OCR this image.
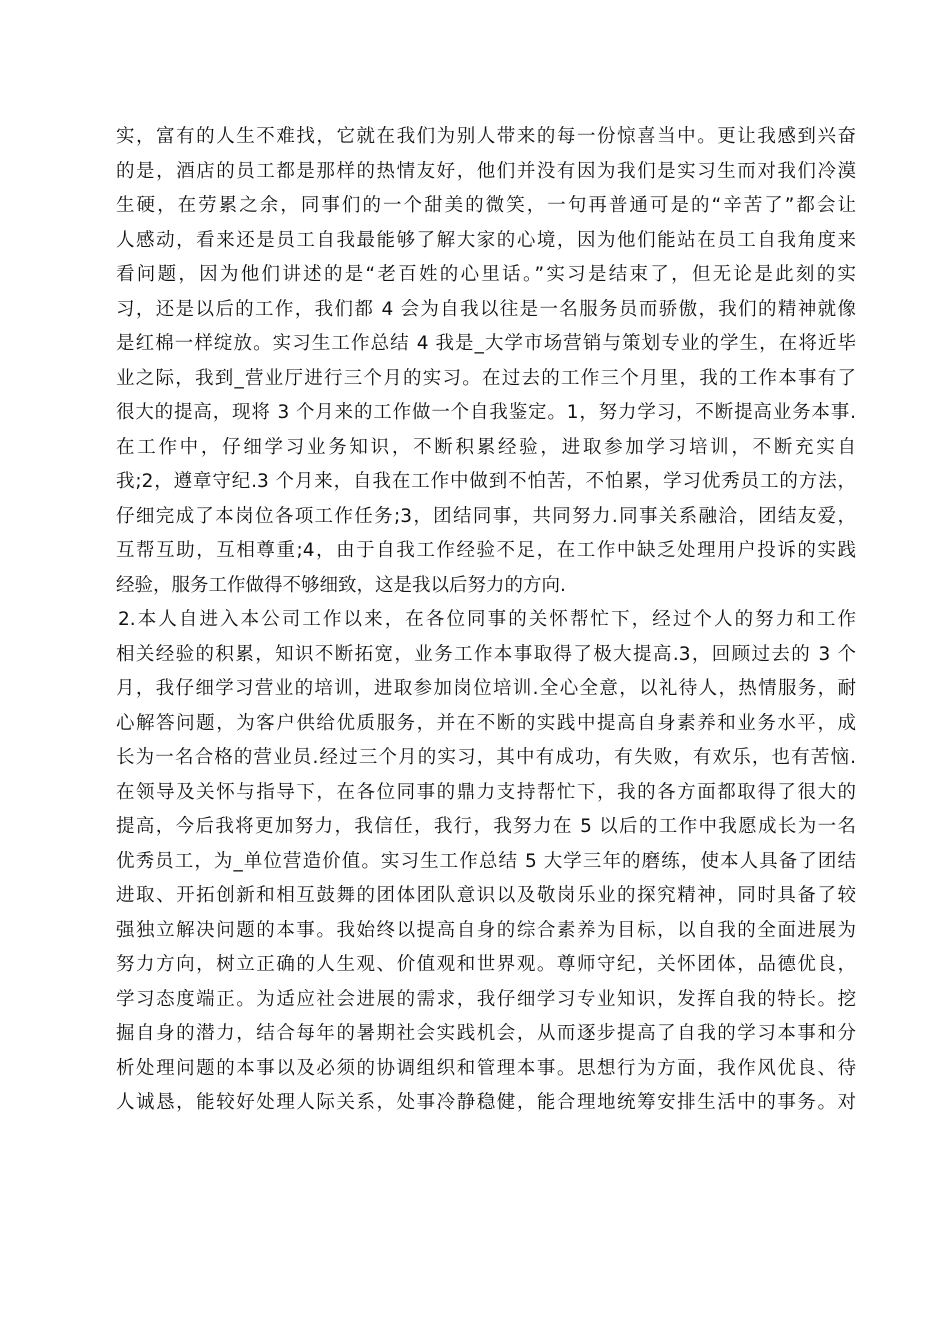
实，富有的人生不难找，它就在我们为别人带来的每一份惊喜当中。更让我感到兴奋
的是，酒店的员工都是那样的热情友好，他们并没有因为我们是实习生而对我们冷漠
生硬，在劳累之余，同事们的一个甜美的微笑，一句再普通可是的“辛苦了”都会让
人感动，看来还是员工自我最能够了解大家的心境，因为他们能站在员工自我角度来
看问题，因为他们讲述的是“老百姓的心里话。”实习是结束了，但无论是此刻的实
习，还是以后的工作，我们都 4 会为自我以往是一名服务员而骄傲，我们的精神就像
是红棉一样绽放。实习生工作总结 4 我是_大学市场营销与策划专业的学生，在将近毕
业之际，我到_营业厅进行三个月的实习。在过去的工作三个月里，我的工作本事有了
很大的提高，现将 3 个月来的工作做一个自我鉴定。1，努力学习，不断提高业务本事.
在工作中，仔细学习业务知识，不断积累经验，进取参加学习培训，不断充实自
我;2，遵章守纪.3 个月来，自我在工作中做到不怕苦，不怕累，学习优秀员工的方法，
仔细完成了本岗位各项工作任务;3，团结同事，共同努力.同事关系融洽，团结友爱，
互帮互助，互相尊重;4，由于自我工作经验不足，在工作中缺乏处理用户投诉的实践
经验，服务工作做得不够细致，这是我以后努力的方向.
2.本人自进入本公司工作以来，在各位同事的关怀帮忙下，经过个人的努力和工作
相关经验的积累，知识不断拓宽，业务工作本事取得了极大提高.3，回顾过去的 3 个
月，我仔细学习营业的培训，进取参加岗位培训.全心全意，以礼待人，热情服务，耐
心解答问题，为客户供给优质服务，并在不断的实践中提高自身素养和业务水平，成
长为一名合格的营业员.经过三个月的实习，其中有成功，有失败，有欢乐，也有苦恼.
在领导及关怀与指导下，在各位同事的鼎力支持帮忙下，我的各方面都取得了很大的
提高，今后我将更加努力，我信任，我行，我努力在 5 以后的工作中我愿成长为一名
优秀员工，为_单位营造价值。实习生工作总结 5 大学三年的磨练，使本人具备了团结
进取、开拓创新和相互鼓舞的团体团队意识以及敬岗乐业的探究精神，同时具备了较
强独立解决问题的本事。我始终以提高自身的综合素养为目标，以自我的全面进展为
努力方向，树立正确的人生观、价值观和世界观。尊师守纪，关怀团体，品德优良，
学习态度端正。为适应社会进展的需求，我仔细学习专业知识，发挥自我的特长。挖
掘自身的潜力，结合每年的暑期社会实践机会，从而逐步提高了自我的学习本事和分
析处理问题的本事以及必须的协调组织和管理本事。思想行为方面，我作风优良、待
人诚恳，能较好处理人际关系，处事冷静稳健，能合理地统筹安排生活中的事务。对
